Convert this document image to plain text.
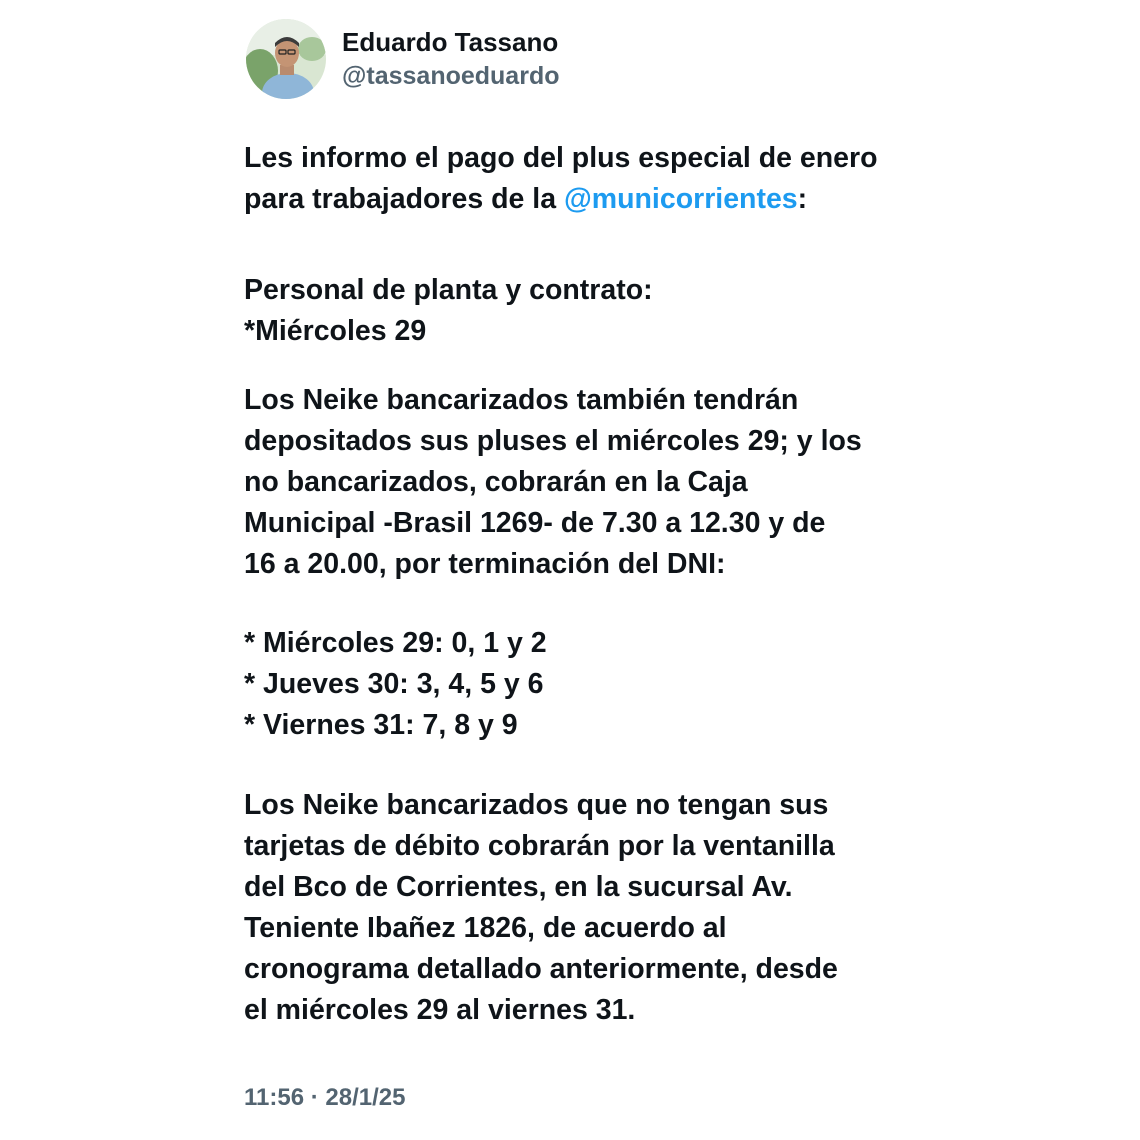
Eduardo Tassano
@tassanoeduardo

Les informo el pago del plus especial de enero
para trabajadores de la @municorrientes:

Personal de planta y contrato:
*Miércoles 29

Los Neike bancarizados también tendrán
depositados sus pluses el miércoles 29; y los
no bancarizados, cobrarán en la Caja
Municipal -Brasil 1269- de 7.30 a 12.30 y de
16 a 20.00, por terminación del DNI:

* Miércoles 29: 0, 1 y 2
* Jueves 30: 3, 4, 5 y 6
* Viernes 31: 7, 8 y 9

Los Neike bancarizados que no tengan sus
tarjetas de débito cobrarán por la ventanilla
del Bco de Corrientes, en la sucursal Av.
Teniente Ibañez 1826, de acuerdo al
cronograma detallado anteriormente, desde
el miércoles 29 al viernes 31.

11:56 · 28/1/25
